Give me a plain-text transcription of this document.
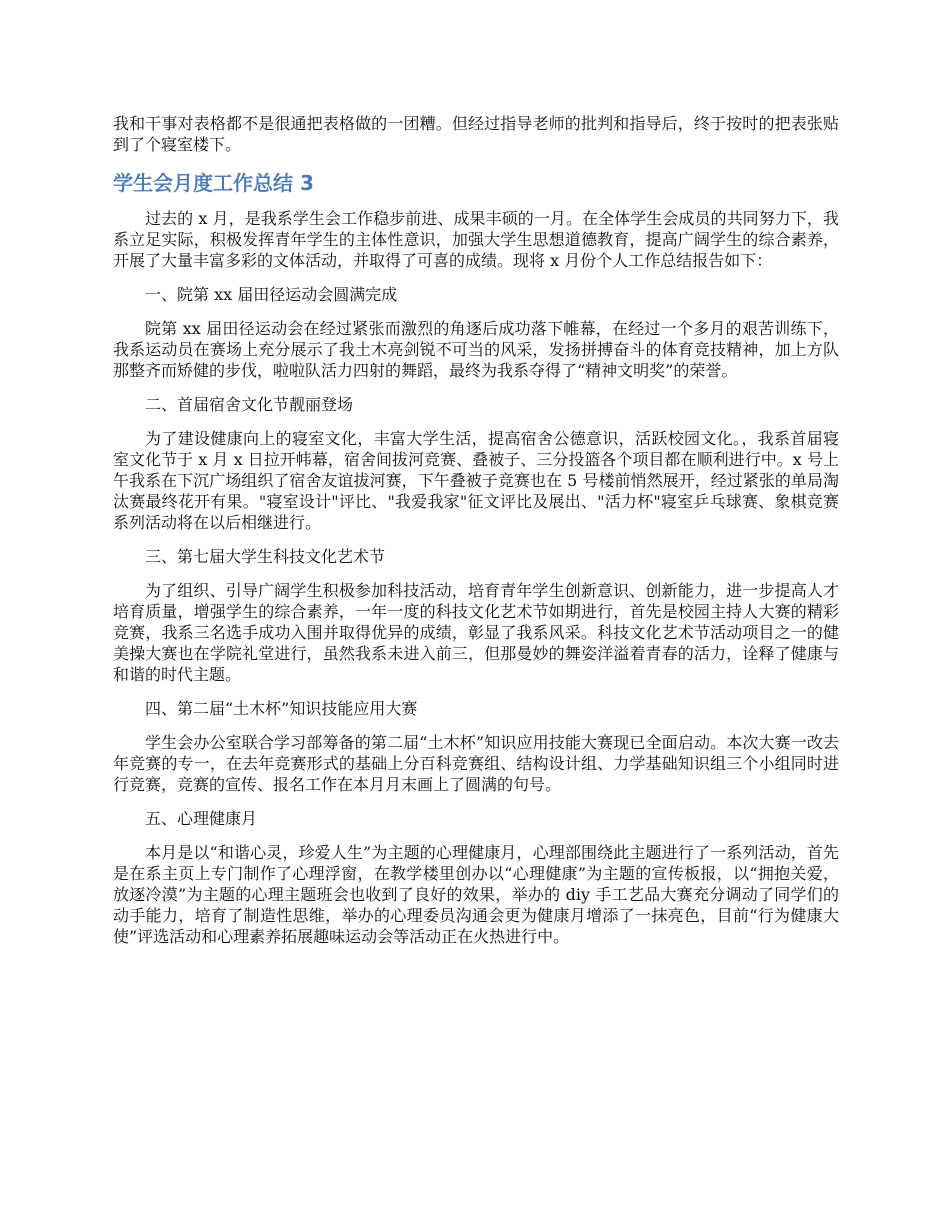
我和干事对表格都不是很通把表格做的一团糟。但经过指导老师的批判和指导后，终于按时的把表张贴到了个寝室楼下。

学生会月度工作总结 3

过去的 x 月，是我系学生会工作稳步前进、成果丰硕的一月。在全体学生会成员的共同努力下，我系立足实际，积极发挥青年学生的主体性意识，加强大学生思想道德教育，提高广阔学生的综合素养，开展了大量丰富多彩的文体活动，并取得了可喜的成绩。现将 x 月份个人工作总结报告如下：

一、院第 xx 届田径运动会圆满完成

院第 xx 届田径运动会在经过紧张而激烈的角逐后成功落下帷幕，在经过一个多月的艰苦训练下，我系运动员在赛场上充分展示了我土木亮剑锐不可当的风采，发扬拼搏奋斗的体育竞技精神，加上方队那整齐而矫健的步伐，啦啦队活力四射的舞蹈，最终为我系夺得了“精神文明奖”的荣誉。

二、首届宿舍文化节靓丽登场

为了建设健康向上的寝室文化，丰富大学生活，提高宿舍公德意识，活跃校园文化。，我系首届寝室文化节于 x 月 x 日拉开帏幕，宿舍间拔河竞赛、叠被子、三分投篮各个项目都在顺利进行中。x 号上午我系在下沉广场组织了宿舍友谊拔河赛，下午叠被子竞赛也在 5 号楼前悄然展开，经过紧张的单局淘汰赛最终花开有果。"寝室设计"评比、"我爱我家"征文评比及展出、"活力杯"寝室乒乓球赛、象棋竞赛系列活动将在以后相继进行。

三、第七届大学生科技文化艺术节

为了组织、引导广阔学生积极参加科技活动，培育青年学生创新意识、创新能力，进一步提高人才培育质量，增强学生的综合素养，一年一度的科技文化艺术节如期进行，首先是校园主持人大赛的精彩竞赛，我系三名选手成功入围并取得优异的成绩，彰显了我系风采。科技文化艺术节活动项目之一的健美操大赛也在学院礼堂进行，虽然我系未进入前三，但那曼妙的舞姿洋溢着青春的活力，诠释了健康与和谐的时代主题。

四、第二届“土木杯”知识技能应用大赛

学生会办公室联合学习部筹备的第二届“土木杯”知识应用技能大赛现已全面启动。本次大赛一改去年竞赛的专一，在去年竞赛形式的基础上分百科竞赛组、结构设计组、力学基础知识组三个小组同时进行竞赛，竞赛的宣传、报名工作在本月月末画上了圆满的句号。

五、心理健康月

本月是以“和谐心灵，珍爱人生”为主题的心理健康月，心理部围绕此主题进行了一系列活动，首先是在系主页上专门制作了心理浮窗，在教学楼里创办以“心理健康”为主题的宣传板报，以“拥抱关爱，放逐冷漠”为主题的心理主题班会也收到了良好的效果，举办的 diy 手工艺品大赛充分调动了同学们的动手能力，培育了制造性思维，举办的心理委员沟通会更为健康月增添了一抹亮色，目前“行为健康大使”评选活动和心理素养拓展趣味运动会等活动正在火热进行中。
